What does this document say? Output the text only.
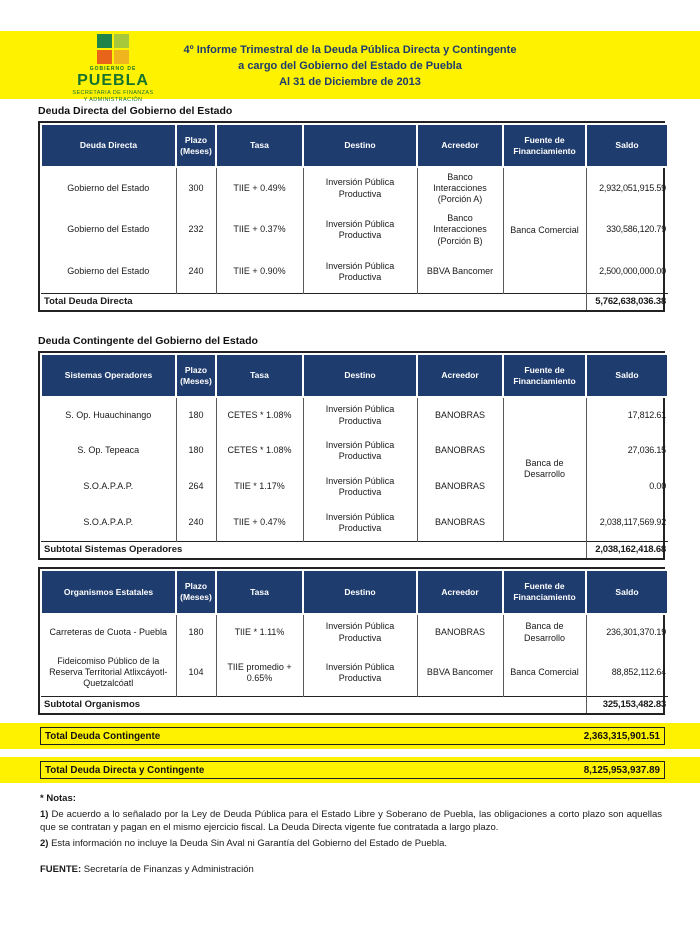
GOBIERNO DE
PUEBLA
SECRETARIA DE FINANZAS
Y ADMINISTRACIÓN
4º Informe Trimestral de la Deuda Pública Directa y Contingente
a cargo del Gobierno del Estado de Puebla
Al 31 de Diciembre de 2013
Deuda Directa del Gobierno del Estado
Deuda Directa	Plazo (Meses)	Tasa	Destino	Acreedor	Fuente de Financiamiento	Saldo
Gobierno del Estado	300	TIIE + 0.49%	Inversión Pública Productiva	Banco Interacciones (Porción A)	Banca Comercial	2,932,051,915.59
Gobierno del Estado	232	TIIE + 0.37%	Inversión Pública Productiva	Banco Interacciones (Porción B)		330,586,120.79
Gobierno del Estado	240	TIIE + 0.90%	Inversión Pública Productiva	BBVA Bancomer		2,500,000,000.00
Total Deuda Directa						5,762,638,036.38
Deuda Contingente del Gobierno del Estado
Sistemas Operadores	Plazo (Meses)	Tasa	Destino	Acreedor	Fuente de Financiamiento	Saldo
S. Op. Huauchinango	180	CETES * 1.08%	Inversión Pública Productiva	BANOBRAS	Banca de Desarrollo	17,812.61
S. Op. Tepeaca	180	CETES * 1.08%	Inversión Pública Productiva	BANOBRAS		27,036.15
S.O.A.P.A.P.	264	TIIE * 1.17%	Inversión Pública Productiva	BANOBRAS		0.00
S.O.A.P.A.P.	240	TIIE + 0.47%	Inversión Pública Productiva	BANOBRAS		2,038,117,569.92
Subtotal Sistemas Operadores						2,038,162,418.68
Organismos Estatales	Plazo (Meses)	Tasa	Destino	Acreedor	Fuente de Financiamiento	Saldo
Carreteras de Cuota - Puebla	180	TIIE * 1.11%	Inversión Pública Productiva	BANOBRAS	Banca de Desarrollo	236,301,370.19
Fideicomiso Público de la Reserva Territorial Atlixcáyotl-Quetzalcóatl	104	TIIE promedio + 0.65%	Inversión Pública Productiva	BBVA Bancomer	Banca Comercial	88,852,112.64
Subtotal Organismos						325,153,482.83
Total Deuda Contingente	2,363,315,901.51
Total Deuda Directa y Contingente	8,125,953,937.89
* Notas:
1) De acuerdo a lo señalado por la Ley de Deuda Pública para el Estado Libre y Soberano de Puebla, las obligaciones a corto plazo son aquellas que se contratan y pagan en el mismo ejercicio fiscal. La Deuda Directa vigente fue contratada a largo plazo.
2) Esta información no incluye la Deuda Sin Aval ni Garantía del Gobierno del Estado de Puebla.
FUENTE: Secretaría de Finanzas y Administración
